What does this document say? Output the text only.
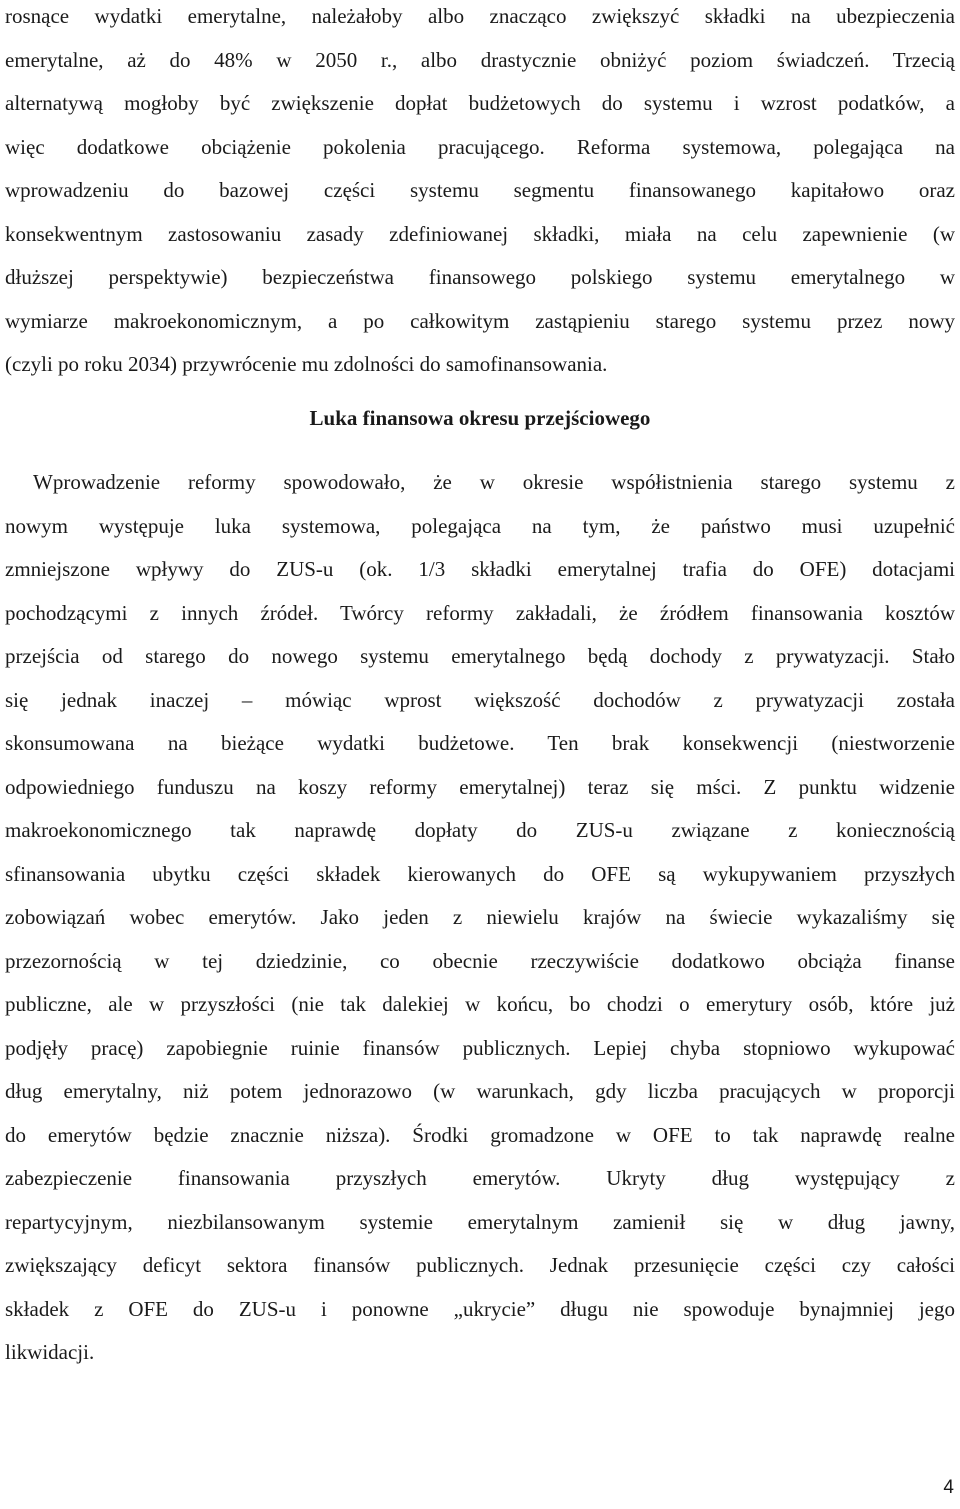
rosnące wydatki emerytalne, należałoby albo znacząco zwiększyć składki na ubezpieczenia
emerytalne, aż do 48% w 2050 r., albo drastycznie obniżyć poziom świadczeń. Trzecią
alternatywą mogłoby być zwiększenie dopłat budżetowych do systemu i wzrost podatków, a
więc dodatkowe obciążenie pokolenia pracującego. Reforma systemowa, polegająca na
wprowadzeniu do bazowej części systemu segmentu finansowanego kapitałowo oraz
konsekwentnym zastosowaniu zasady zdefiniowanej składki, miała na celu zapewnienie (w
dłuższej perspektywie) bezpieczeństwa finansowego polskiego systemu emerytalnego w
wymiarze makroekonomicznym, a po całkowitym zastąpieniu starego systemu przez nowy
(czyli po roku 2034) przywrócenie mu zdolności do samofinansowania.
Luka finansowa okresu przejściowego
Wprowadzenie reformy spowodowało, że w okresie współistnienia starego systemu z
nowym występuje luka systemowa, polegająca na tym, że państwo musi uzupełnić
zmniejszone wpływy do ZUS-u (ok. 1/3 składki emerytalnej trafia do OFE) dotacjami
pochodzącymi z innych źródeł. Twórcy reformy zakładali, że źródłem finansowania kosztów
przejścia od starego do nowego systemu emerytalnego będą dochody z prywatyzacji. Stało
się jednak inaczej – mówiąc wprost większość dochodów z prywatyzacji została
skonsumowana na bieżące wydatki budżetowe. Ten brak konsekwencji (niestworzenie
odpowiedniego funduszu na koszy reformy emerytalnej) teraz się mści. Z punktu widzenie
makroekonomicznego tak naprawdę dopłaty do ZUS-u związane z koniecznością
sfinansowania ubytku części składek kierowanych do OFE są wykupywaniem przyszłych
zobowiązań wobec emerytów. Jako jeden z niewielu krajów na świecie wykazaliśmy się
przezornością w tej dziedzinie, co obecnie rzeczywiście dodatkowo obciąża finanse
publiczne, ale w przyszłości (nie tak dalekiej w końcu, bo chodzi o emerytury osób, które już
podjęły pracę) zapobiegnie ruinie finansów publicznych. Lepiej chyba stopniowo wykupować
dług emerytalny, niż potem jednorazowo (w warunkach, gdy liczba pracujących w proporcji
do emerytów będzie znacznie niższa). Środki gromadzone w OFE to tak naprawdę realne
zabezpieczenie finansowania przyszłych emerytów. Ukryty dług występujący z
repartycyjnym, niezbilansowanym systemie emerytalnym zamienił się w dług jawny,
zwiększający deficyt sektora finansów publicznych. Jednak przesunięcie części czy całości
składek z OFE do ZUS-u i ponowne „ukrycie” długu nie spowoduje bynajmniej jego
likwidacji.
4
